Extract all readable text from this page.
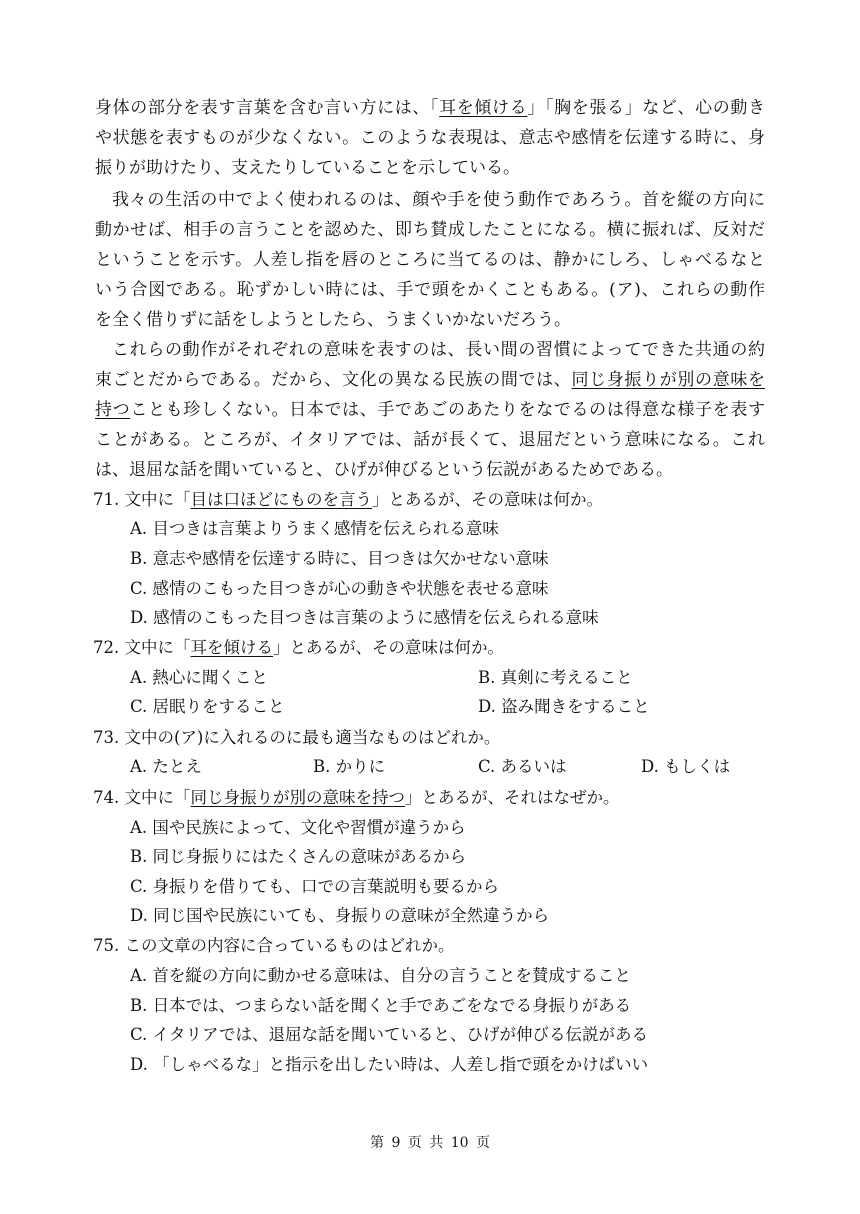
身体の部分を表す言葉を含む言い方には、「耳を傾ける」「胸を張る」など、心の動き
や状態を表すものが少なくない。このような表現は、意志や感情を伝達する時に、身
振りが助けたり、支えたりしていることを示している。
我々の生活の中でよく使われるのは、顔や手を使う動作であろう。首を縦の方向に
動かせば、相手の言うことを認めた、即ち賛成したことになる。横に振れば、反対だ
ということを示す。人差し指を唇のところに当てるのは、静かにしろ、しゃべるなと
いう合図である。恥ずかしい時には、手で頭をかくこともある。(ア)、これらの動作
を全く借りずに話をしようとしたら、うまくいかないだろう。
これらの動作がそれぞれの意味を表すのは、長い間の習慣によってできた共通の約
束ごとだからである。だから、文化の異なる民族の間では、同じ身振りが別の意味を
持つことも珍しくない。日本では、手であごのあたりをなでるのは得意な様子を表す
ことがある。ところが、イタリアでは、話が長くて、退屈だという意味になる。これ
は、退屈な話を聞いていると、ひげが伸びるという伝説があるためである。
71. 文中に「目は口ほどにものを言う」とあるが、その意味は何か。
A. 目つきは言葉よりうまく感情を伝えられる意味
B. 意志や感情を伝達する時に、目つきは欠かせない意味
C. 感情のこもった目つきが心の動きや状態を表せる意味
D. 感情のこもった目つきは言葉のように感情を伝えられる意味
72. 文中に「耳を傾ける」とあるが、その意味は何か。
A. 熱心に聞くこと	B. 真剣に考えること
C. 居眠りをすること	D. 盗み聞きをすること
73. 文中の(ア)に入れるのに最も適当なものはどれか。
A. たとえ	B. かりに	C. あるいは	D. もしくは
74. 文中に「同じ身振りが別の意味を持つ」とあるが、それはなぜか。
A. 国や民族によって、文化や習慣が違うから
B. 同じ身振りにはたくさんの意味があるから
C. 身振りを借りても、口での言葉説明も要るから
D. 同じ国や民族にいても、身振りの意味が全然違うから
75. この文章の内容に合っているものはどれか。
A. 首を縦の方向に動かせる意味は、自分の言うことを賛成すること
B. 日本では、つまらない話を聞くと手であごをなでる身振りがある
C. イタリアでは、退屈な話を聞いていると、ひげが伸びる伝説がある
D. 「しゃべるな」と指示を出したい時は、人差し指で頭をかけばいい
第 9 页 共 10 页
